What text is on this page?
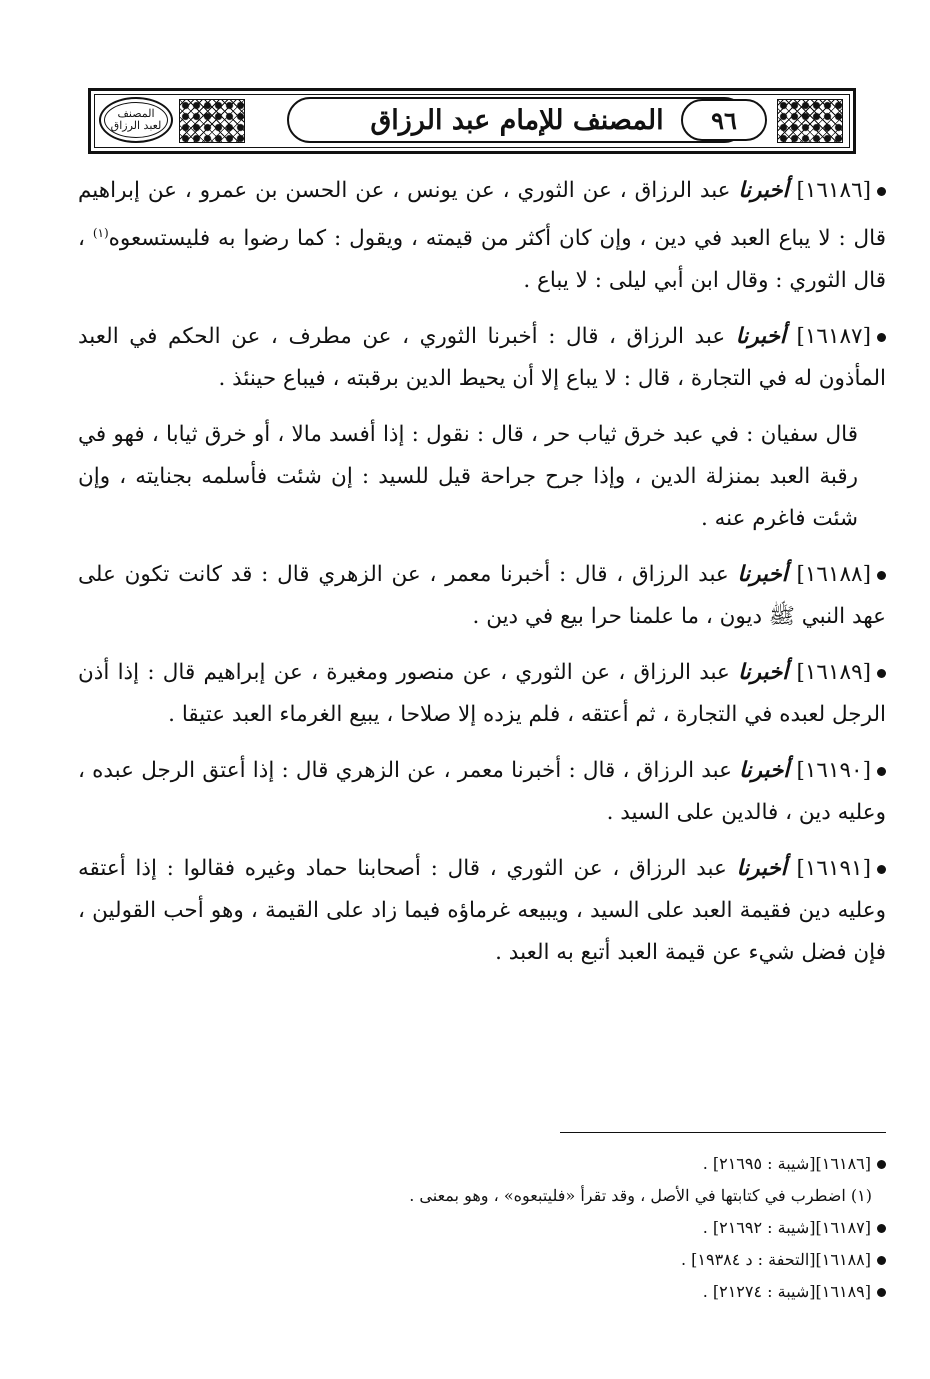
المصنف
لعبد الرزاق	المصنف للإمام عبد الرزاق ٩٦

[١٦١٨٦] أخبرنا عبد الرزاق ، عن الثوري ، عن يونس ، عن الحسن بن عمرو ، عن إبراهيم قال : لا يباع العبد في دين ، وإن كان أكثر من قيمته ، ويقول : كما رضوا به فليستسعوه$^{(١)}$ ، قال الثوري : وقال ابن أبي ليلى : لا يباع .

[١٦١٨٧] أخبرنا عبد الرزاق ، قال : أخبرنا الثوري ، عن مطرف ، عن الحكم في العبد المأذون له في التجارة ، قال : لا يباع إلا أن يحيط الدين برقبته ، فيباع حينئذ .

قال سفيان : في عبد خرق ثياب حر ، قال : نقول : إذا أفسد مالا ، أو خرق ثيابا ، فهو في رقبة العبد بمنزلة الدين ، وإذا جرح جراحة قيل للسيد : إن شئت فأسلمه بجنايته ، وإن شئت فاغرم عنه .

[١٦١٨٨] أخبرنا عبد الرزاق ، قال : أخبرنا معمر ، عن الزهري قال : قد كانت تكون على عهد النبي ﷺ ديون ، ما علمنا حرا بيع في دين .

[١٦١٨٩] أخبرنا عبد الرزاق ، عن الثوري ، عن منصور ومغيرة ، عن إبراهيم قال : إذا أذن الرجل لعبده في التجارة ، ثم أعتقه ، فلم يزده إلا صلاحا ، يبيع الغرماء العبد عتيقا .

[١٦١٩٠] أخبرنا عبد الرزاق ، قال : أخبرنا معمر ، عن الزهري قال : إذا أعتق الرجل عبده ، وعليه دين ، فالدين على السيد .

[١٦١٩١] أخبرنا عبد الرزاق ، عن الثوري ، قال : أصحابنا حماد وغيره فقالوا : إذا أعتقه وعليه دين فقيمة العبد على السيد ، ويبيعه غرماؤه فيما زاد على القيمة ، وهو أحب القولين ، فإن فضل شيء عن قيمة العبد أتبع به العبد .

[١٦١٨٦][شيبة : ٢١٦٩٥] .

(١) اضطرب في كتابتها في الأصل ، وقد تقرأ «فليتبعوه» ، وهو بمعنى .

[١٦١٨٧][شيبة : ٢١٦٩٢] .

[١٦١٨٨][التحفة : د ١٩٣٨٤] .

[١٦١٨٩][شيبة : ٢١٢٧٤] .
